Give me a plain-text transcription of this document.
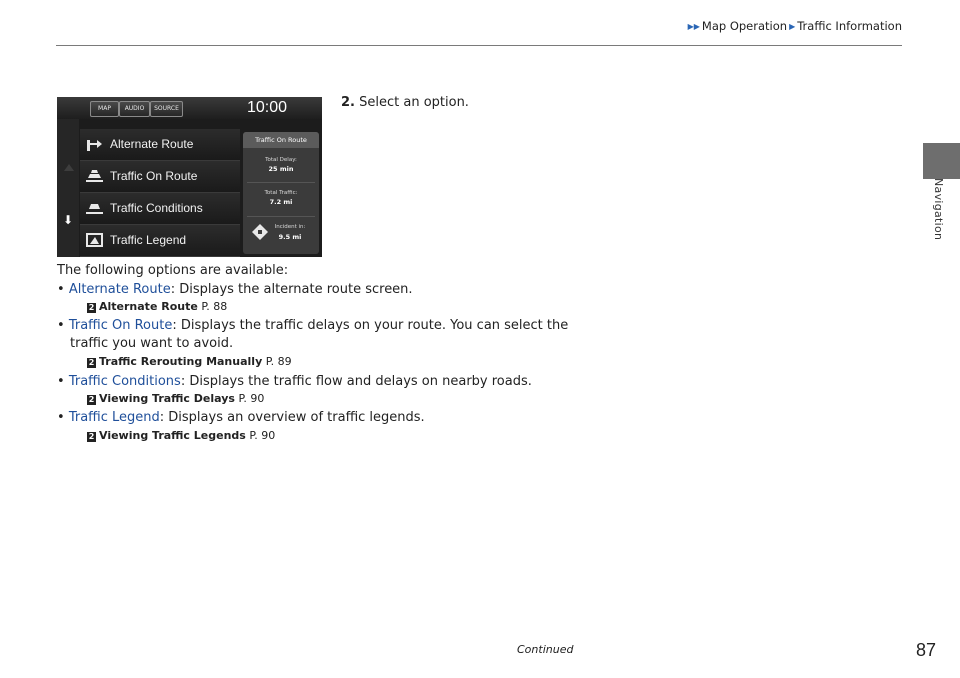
▶▶ Map Operation ▶ Traffic Information
Navigation
2. Select an option.
MAP	AUDIO	SOURCE	10:00
⬇
Alternate Route
Traffic On Route
Traffic Conditions
Traffic Legend
Traffic On Route
Total Delay:
25 min
Total Traffic:
7.2 mi
Incident in:
9.5 mi
The following options are available:
• Alternate Route: Displays the alternate route screen.
2 Alternate Route P. 88
• Traffic On Route: Displays the traffic delays on your route. You can select the
traffic you want to avoid.
2 Traffic Rerouting Manually P. 89
• Traffic Conditions: Displays the traffic flow and delays on nearby roads.
2 Viewing Traffic Delays P. 90
• Traffic Legend: Displays an overview of traffic legends.
2 Viewing Traffic Legends P. 90
Continued	87
